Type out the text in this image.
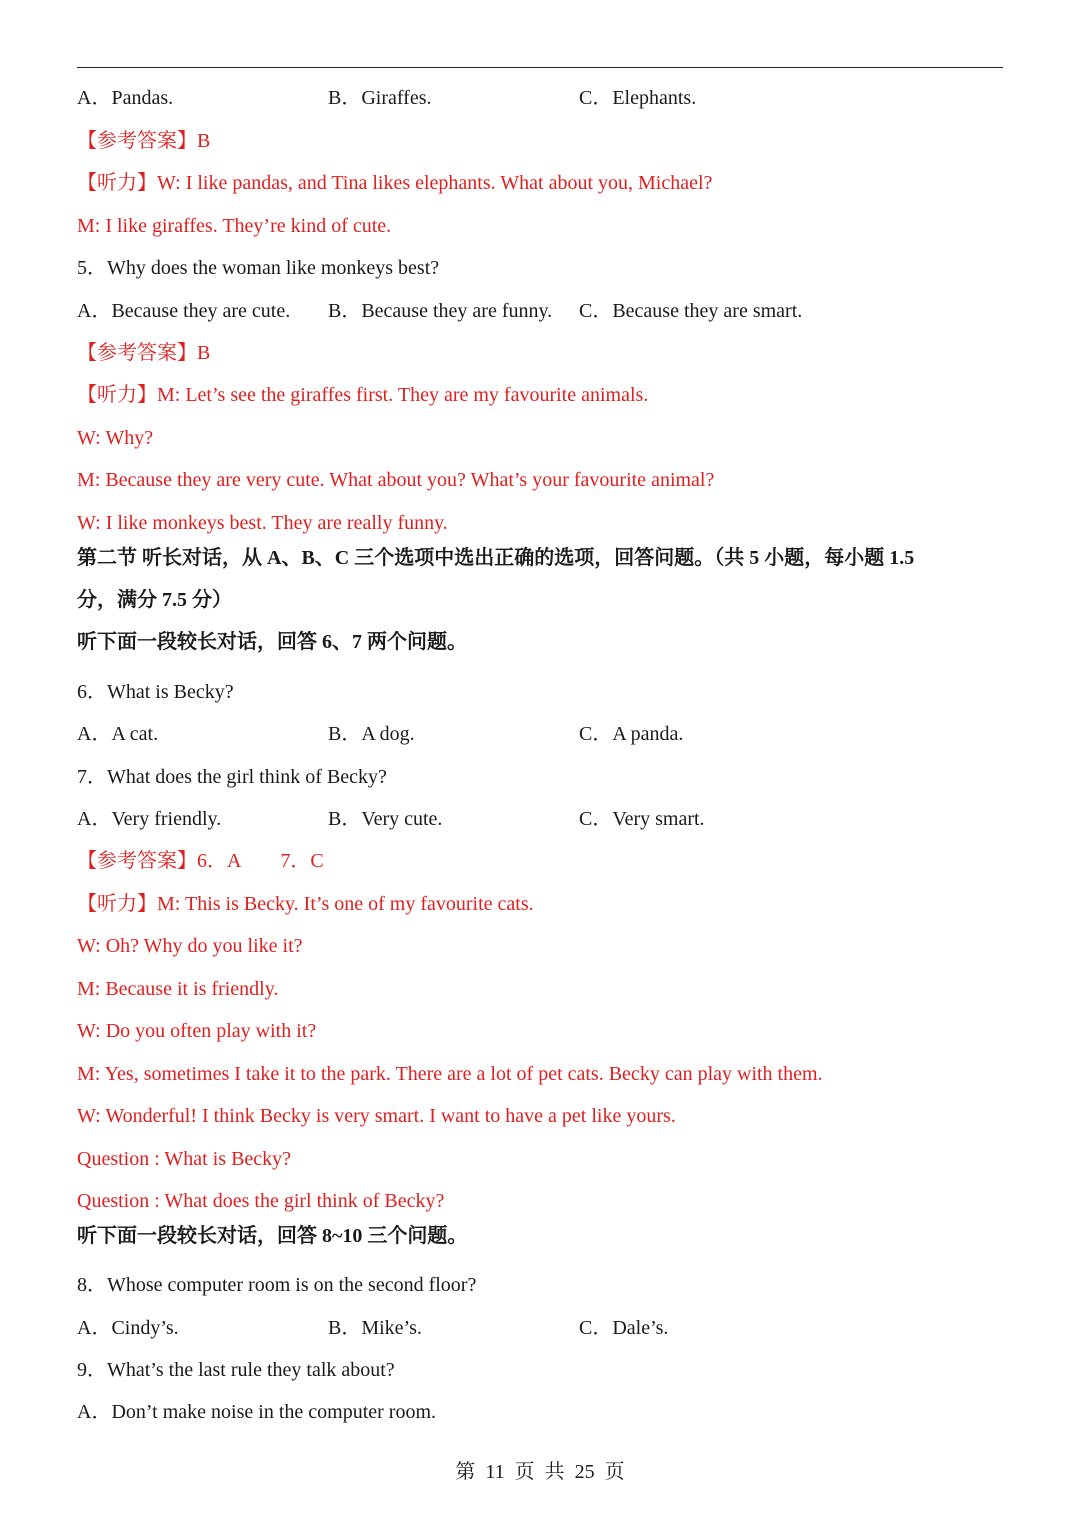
A．Pandas.	B．Giraffes.	C．Elephants.
【参考答案】B
【听力】W: I like pandas, and Tina likes elephants. What about you, Michael?
M: I like giraffes. They’re kind of cute.
5．Why does the woman like monkeys best?
A．Because they are cute. B．Because they are funny. C．Because they are smart.
【参考答案】B
【听力】M: Let’s see the giraffes first. They are my favourite animals.
W: Why?
M: Because they are very cute. What about you? What’s your favourite animal?
W: I like monkeys best. They are really funny.
第二节 听长对话，从 A、B、C 三个选项中选出正确的选项，回答问题。（共 5 小题，每小题 1.5
分，满分 7.5 分）
听下面一段较长对话，回答 6、7 两个问题。
6．What is Becky?
A．A cat.	B．A dog.	C．A panda.
7．What does the girl think of Becky?
A．Very friendly.	B．Very cute.	C．Very smart.
【参考答案】6．A        7．C
【听力】M: This is Becky. It’s one of my favourite cats.
W: Oh? Why do you like it?
M: Because it is friendly.
W: Do you often play with it?
M: Yes, sometimes I take it to the park. There are a lot of pet cats. Becky can play with them.
W: Wonderful! I think Becky is very smart. I want to have a pet like yours.
Question : What is Becky?
Question : What does the girl think of Becky?
听下面一段较长对话，回答 8~10 三个问题。
8．Whose computer room is on the second floor?
A．Cindy’s.	B．Mike’s.	C．Dale’s.
9．What’s the last rule they talk about?
A．Don’t make noise in the computer room.
第  11  页  共  25  页
